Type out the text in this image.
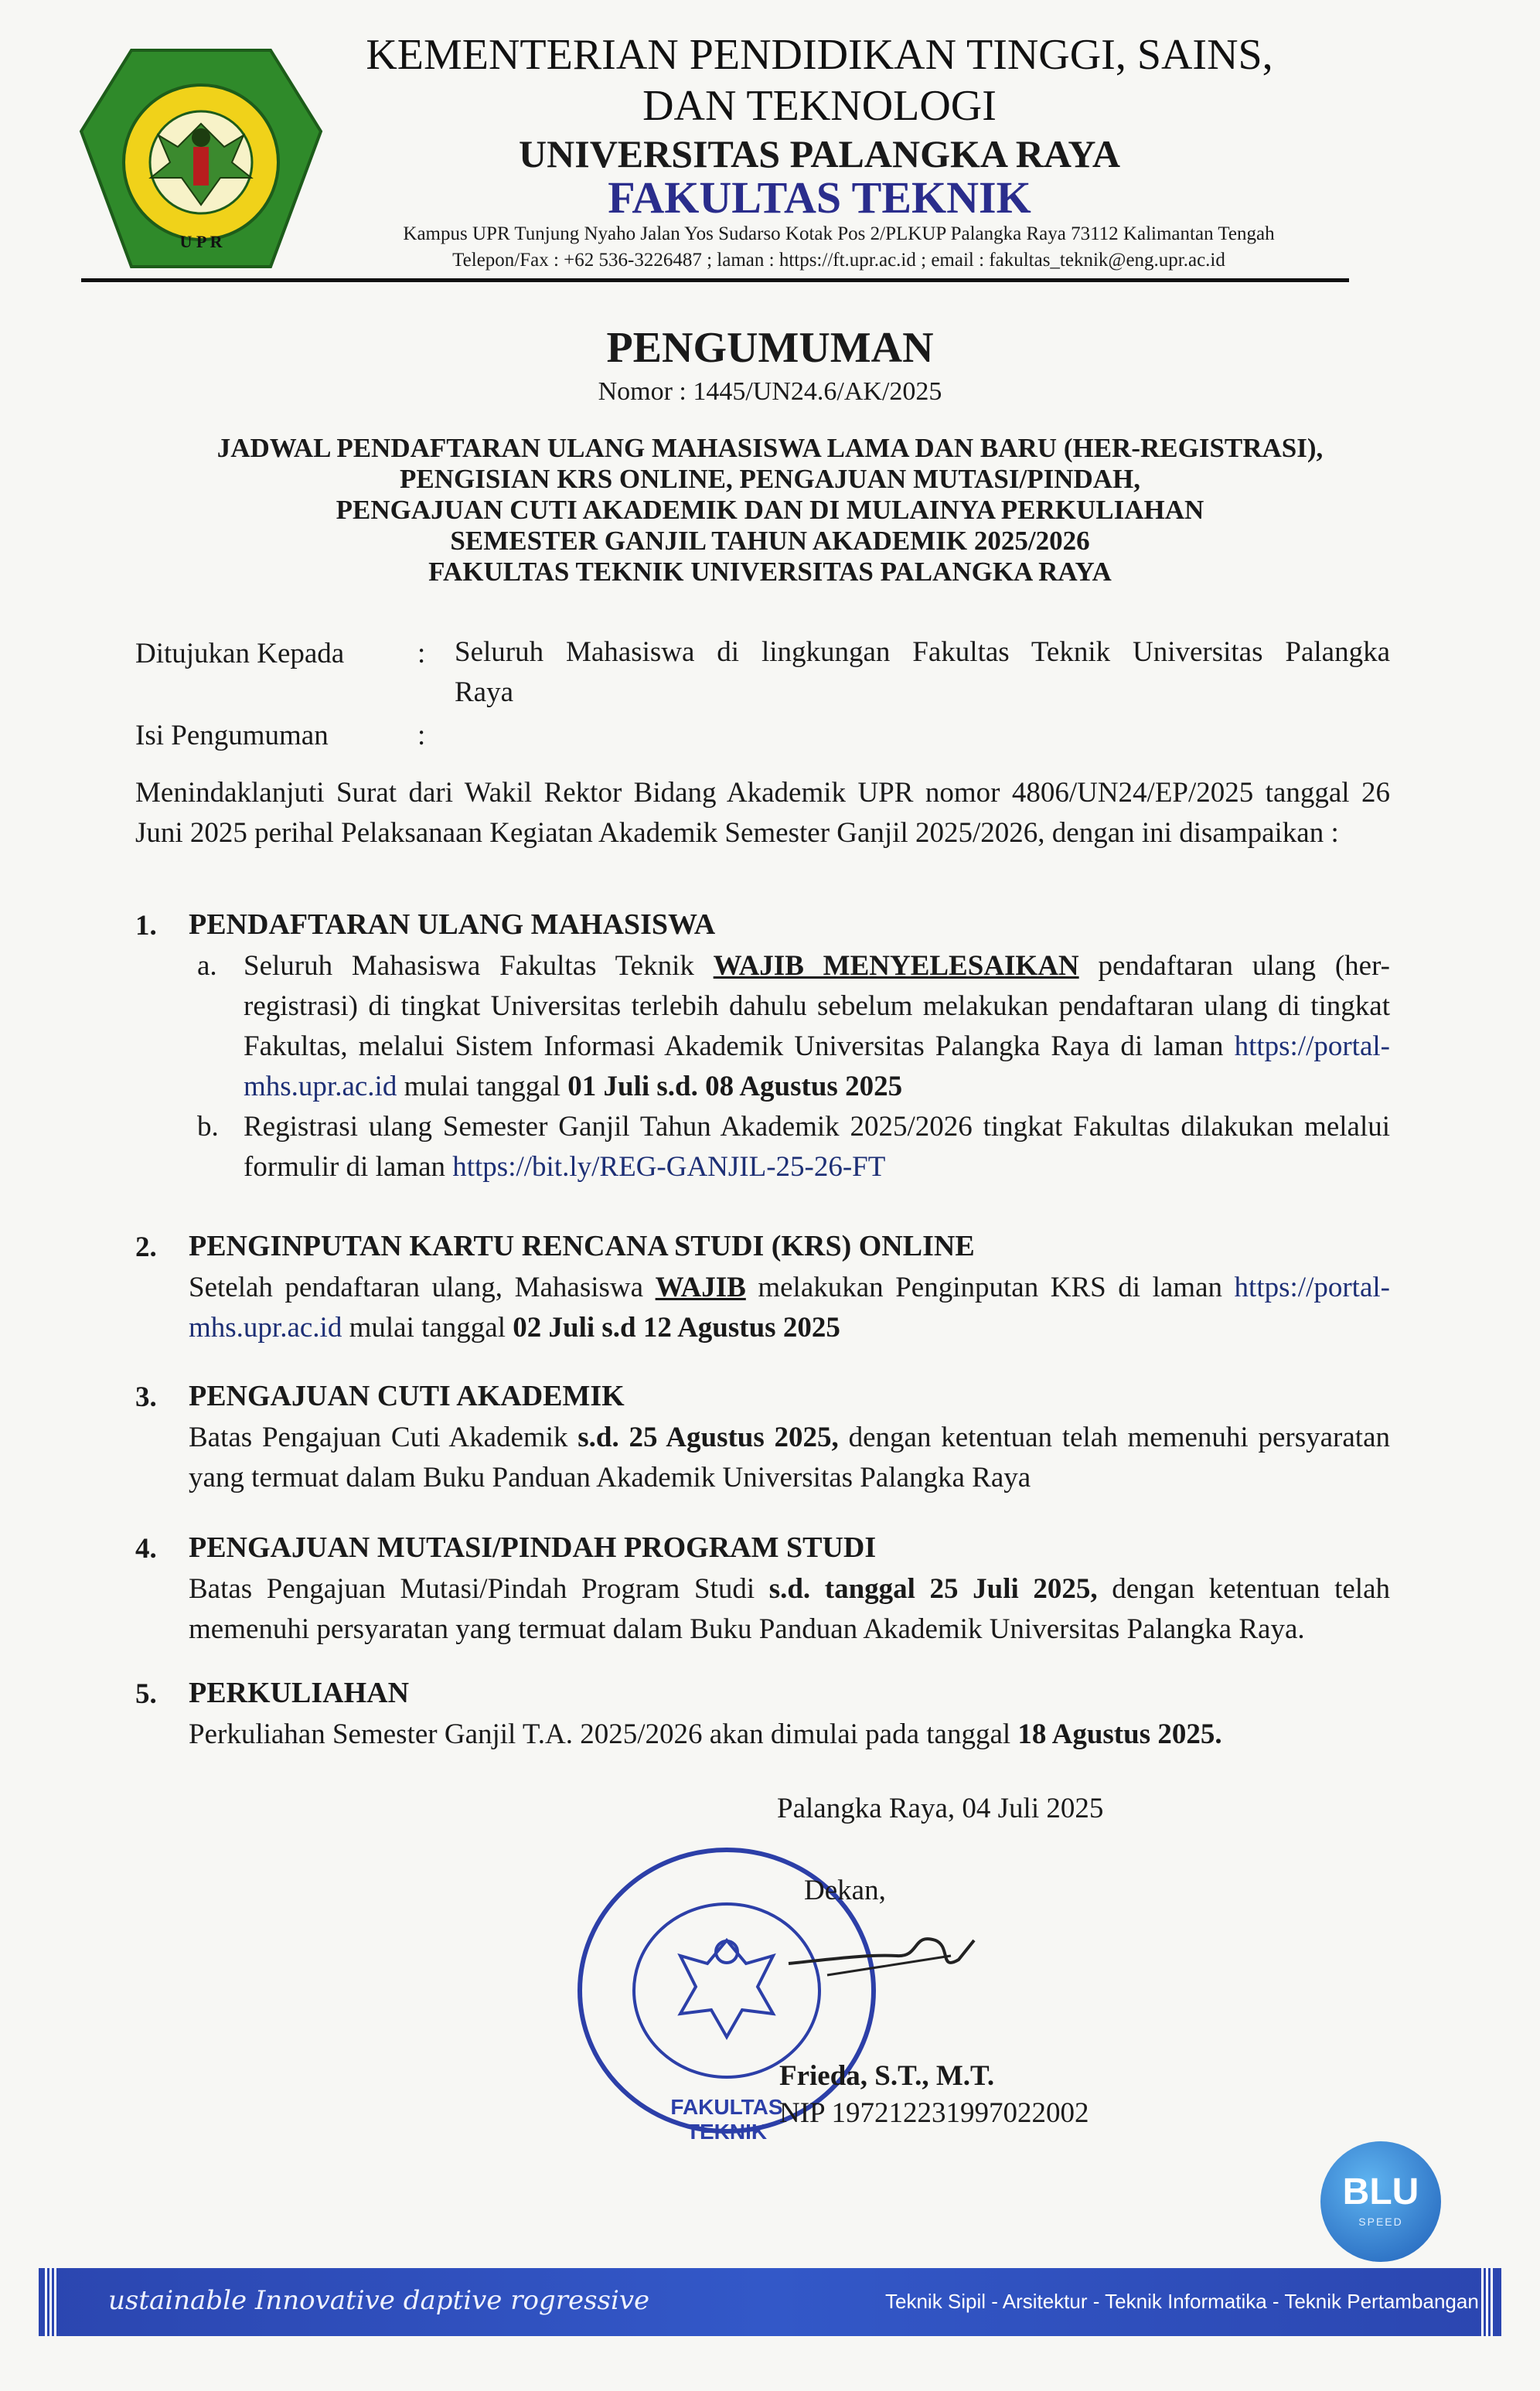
U P R
KEMENTERIAN PENDIDIKAN TINGGI, SAINS,
DAN TEKNOLOGI
UNIVERSITAS PALANGKA RAYA
FAKULTAS TEKNIK
Kampus UPR Tunjung Nyaho Jalan Yos Sudarso Kotak Pos 2/PLKUP Palangka Raya 73112 Kalimantan Tengah
Telepon/Fax : +62 536-3226487 ; laman : https://ft.upr.ac.id ; email : fakultas_teknik@eng.upr.ac.id
PENGUMUMAN
Nomor : 1445/UN24.6/AK/2025
JADWAL PENDAFTARAN ULANG MAHASISWA LAMA DAN BARU (HER-REGISTRASI),
PENGISIAN KRS ONLINE, PENGAJUAN MUTASI/PINDAH,
PENGAJUAN CUTI AKADEMIK DAN DI MULAINYA PERKULIAHAN
SEMESTER GANJIL TAHUN AKADEMIK 2025/2026
FAKULTAS TEKNIK UNIVERSITAS PALANGKA RAYA
Ditujukan Kepada	: Seluruh Mahasiswa di lingkungan Fakultas Teknik Universitas Palangka
Raya
Isi Pengumuman	:
Menindaklanjuti Surat dari Wakil Rektor Bidang Akademik UPR nomor 4806/UN24/EP/2025 tanggal 26 Juni 2025 perihal Pelaksanaan Kegiatan Akademik Semester Ganjil 2025/2026, dengan ini disampaikan :
1.	PENDAFTARAN ULANG MAHASISWA
a. Seluruh Mahasiswa Fakultas Teknik WAJIB MENYELESAIKAN pendaftaran ulang (her-registrasi) di tingkat Universitas terlebih dahulu sebelum melakukan pendaftaran ulang di tingkat Fakultas, melalui Sistem Informasi Akademik Universitas Palangka Raya di laman https://portal-mhs.upr.ac.id mulai tanggal 01 Juli s.d. 08 Agustus 2025
b. Registrasi ulang Semester Ganjil Tahun Akademik 2025/2026 tingkat Fakultas dilakukan melalui formulir di laman https://bit.ly/REG-GANJIL-25-26-FT
2.	PENGINPUTAN KARTU RENCANA STUDI (KRS) ONLINE
Setelah pendaftaran ulang, Mahasiswa WAJIB melakukan Penginputan KRS di laman https://portal-mhs.upr.ac.id mulai tanggal 02 Juli s.d 12 Agustus 2025
3.	PENGAJUAN CUTI AKADEMIK
Batas Pengajuan Cuti Akademik s.d. 25 Agustus 2025, dengan ketentuan telah memenuhi persyaratan yang termuat dalam Buku Panduan Akademik Universitas Palangka Raya
4.	PENGAJUAN MUTASI/PINDAH PROGRAM STUDI
Batas Pengajuan Mutasi/Pindah Program Studi s.d. tanggal 25 Juli 2025, dengan ketentuan telah memenuhi persyaratan yang termuat dalam Buku Panduan Akademik Universitas Palangka Raya.
5.	PERKULIAHAN
Perkuliahan Semester Ganjil T.A. 2025/2026 akan dimulai pada tanggal 18 Agustus 2025.
Palangka Raya, 04 Juli 2025
FAKULTAS TEKNIK
Dekan,
Frieda, S.T., M.T.
NIP 197212231997022002
BLU
SPEED
ustainable Innovative daptive rogressive	Teknik Sipil - Arsitektur - Teknik Informatika - Teknik Pertambangan
